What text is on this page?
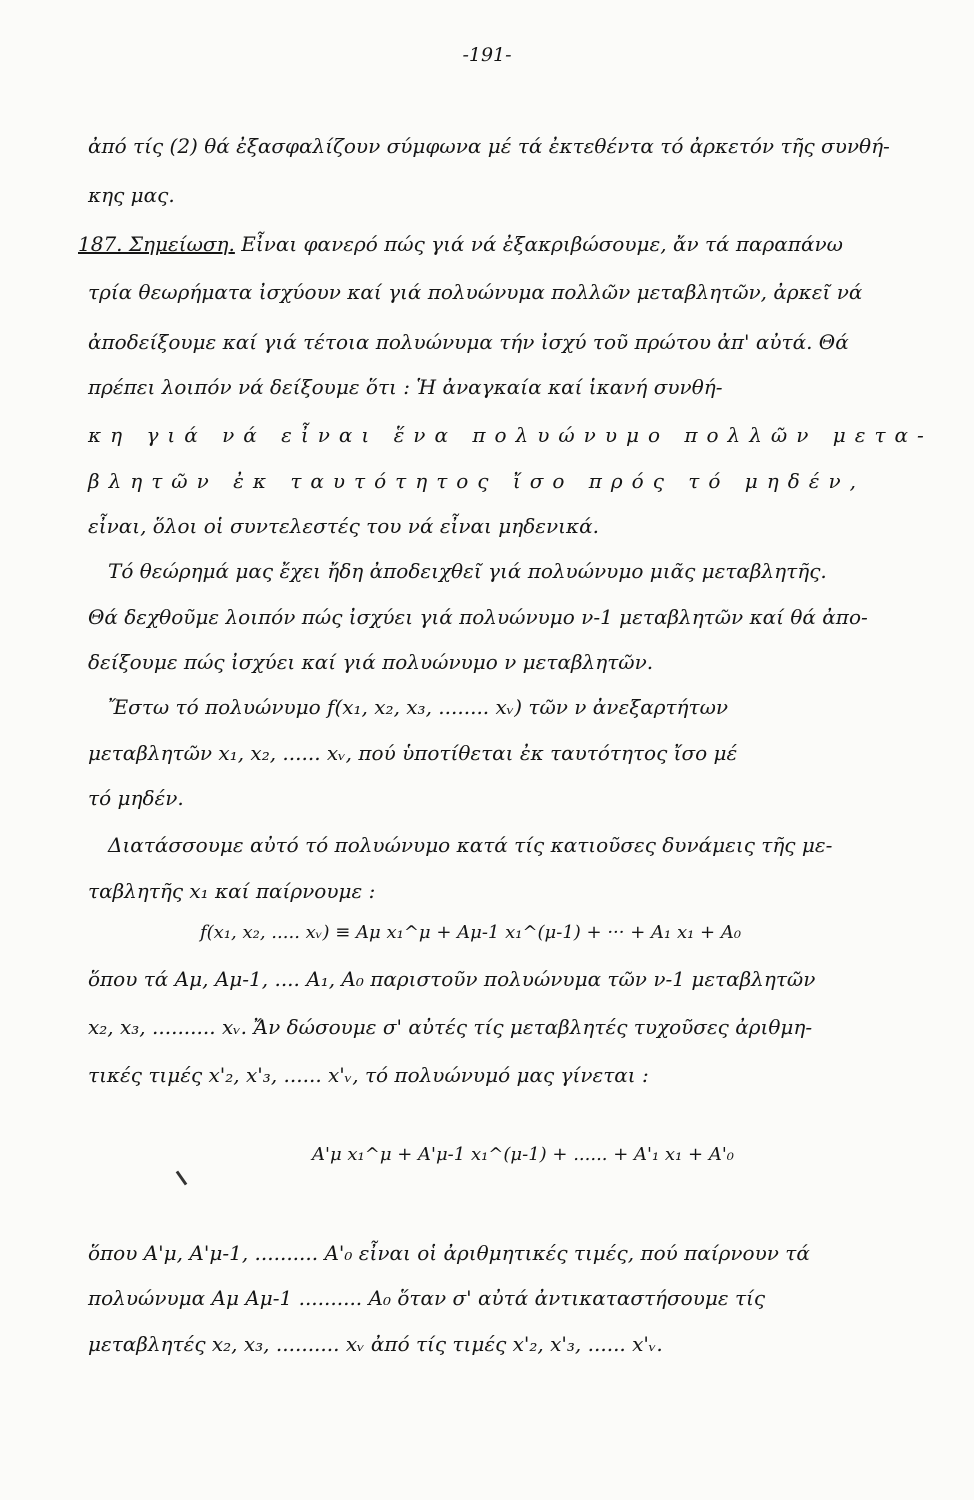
-191-
ἀπό τίς (2) θά ἐξασφαλίζουν σύμφωνα μέ τά ἐκτεθέντα τό ἀρκετόν τῆς συνθή-
κης μας.
187. Σημείωση. Εἶναι φανερό πώς γιά νά ἐξακριβώσουμε, ἄν τά παραπάνω
τρία θεωρήματα ἰσχύουν καί γιά πολυώνυμα πολλῶν μεταβλητῶν, ἀρκεῖ νά
ἀποδείξουμε καί γιά τέτοια πολυώνυμα τήν ἰσχύ τοῦ πρώτου ἀπ' αὐτά. Θά
πρέπει λοιπόν νά δείξουμε ὅτι : Ἡ ἀναγκαία καί ἱκανή συνθή-
κη γιά νά εἶναι ἕνα πολυώνυμο πολλῶν μετα-
βλητῶν ἐκ ταυτότητος ἴσο πρός τό μηδέν,
εἶναι, ὅλοι οἱ συντελεστές του νά εἶναι μηδενικά.
Τό θεώρημά μας ἔχει ἤδη ἀποδειχθεῖ γιά πολυώνυμο μιᾶς μεταβλητῆς.
Θά δεχθοῦμε λοιπόν πώς ἰσχύει γιά πολυώνυμο ν-1 μεταβλητῶν καί θά ἀπο-
δείξουμε πώς ἰσχύει καί γιά πολυώνυμο ν μεταβλητῶν.
Ἔστω τό πολυώνυμο f(x₁, x₂, x₃, ........ xᵥ) τῶν ν ἀνεξαρτήτων
μεταβλητῶν x₁, x₂, ...... xᵥ, πού ὑποτίθεται ἐκ ταυτότητος ἴσο μέ
τό μηδέν.
Διατάσσουμε αὐτό τό πολυώνυμο κατά τίς κατιοῦσες δυνάμεις τῆς με-
ταβλητῆς x₁ καί παίρνουμε :
f(x₁, x₂, ..... xᵥ) ≡ Aμ x₁^μ + Aμ-1 x₁^(μ-1) + ··· + A₁ x₁ + A₀
ὅπου τά Aμ, Aμ-1, .... A₁, A₀ παριστοῦν πολυώνυμα τῶν ν-1 μεταβλητῶν
x₂, x₃, .......... xᵥ. Ἄν δώσουμε σ' αὐτές τίς μεταβλητές τυχοῦσες ἀριθμη-
τικές τιμές x'₂, x'₃, ...... x'ᵥ, τό πολυώνυμό μας γίνεται :
A'μ x₁^μ + A'μ-1 x₁^(μ-1) + ...... + A'₁ x₁ + A'₀
ὅπου A'μ, A'μ-1, .......... A'₀ εἶναι οἱ ἀριθμητικές τιμές, πού παίρνουν τά
πολυώνυμα Aμ Aμ-1 .......... A₀ ὅταν σ' αὐτά ἀντικαταστήσουμε τίς
μεταβλητές x₂, x₃, .......... xᵥ ἀπό τίς τιμές x'₂, x'₃, ...... x'ᵥ.
